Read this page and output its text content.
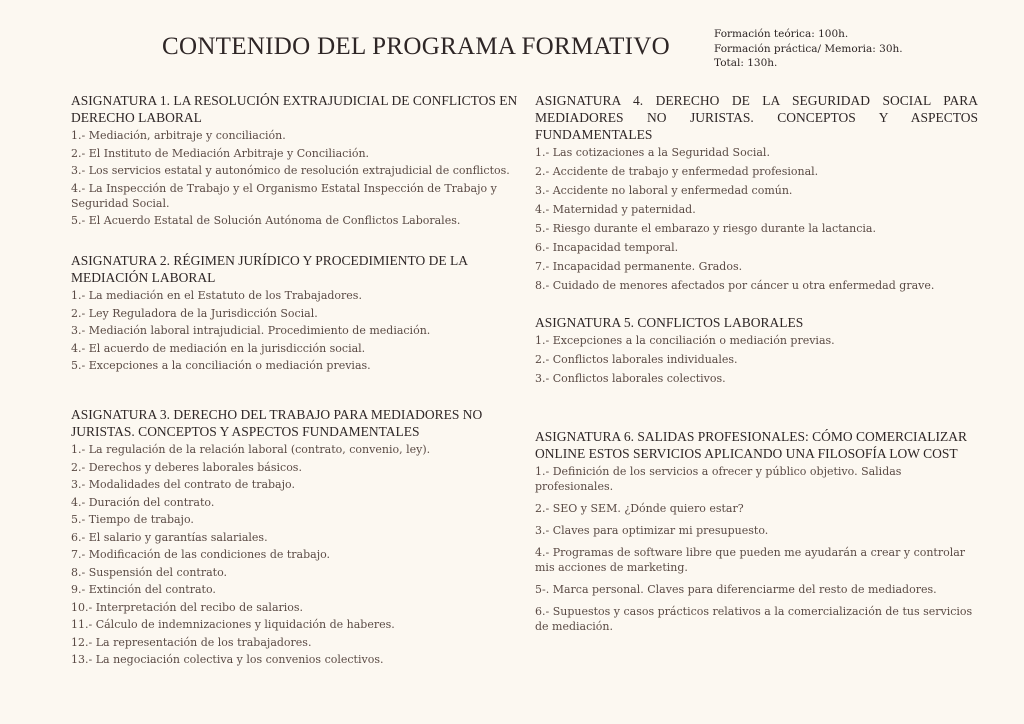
CONTENIDO DEL PROGRAMA FORMATIVO	Formación teórica: 100h.
Formación práctica/ Memoria: 30h.
Total: 130h.
ASIGNATURA 1. LA RESOLUCIÓN EXTRAJUDICIAL DE CONFLICTOS EN DERECHO LABORAL
1.- Mediación, arbitraje y conciliación.
2.- El Instituto de Mediación Arbitraje y Conciliación.
3.- Los servicios estatal y autonómico de resolución extrajudicial de conflictos.
4.- La Inspección de Trabajo y el Organismo Estatal Inspección de Trabajo y Seguridad Social.
5.- El Acuerdo Estatal de Solución Autónoma de Conflictos Laborales.
ASIGNATURA 2. RÉGIMEN JURÍDICO Y PROCEDIMIENTO DE LA MEDIACIÓN LABORAL
1.- La mediación en el Estatuto de los Trabajadores.
2.- Ley Reguladora de la Jurisdicción Social.
3.- Mediación laboral intrajudicial. Procedimiento de mediación.
4.- El acuerdo de mediación en la jurisdicción social.
5.- Excepciones a la conciliación o mediación previas.
ASIGNATURA 3. DERECHO DEL TRABAJO PARA MEDIADORES NO JURISTAS. CONCEPTOS Y ASPECTOS FUNDAMENTALES
1.- La regulación de la relación laboral (contrato, convenio, ley).
2.- Derechos y deberes laborales básicos.
3.- Modalidades del contrato de trabajo.
4.- Duración del contrato.
5.- Tiempo de trabajo.
6.- El salario y garantías salariales.
7.- Modificación de las condiciones de trabajo.
8.- Suspensión del contrato.
9.- Extinción del contrato.
10.- Interpretación del recibo de salarios.
11.- Cálculo de indemnizaciones y liquidación de haberes.
12.- La representación de los trabajadores.
13.- La negociación colectiva y los convenios colectivos.
ASIGNATURA 4. DERECHO DE LA SEGURIDAD SOCIAL PARA MEDIADORES NO JURISTAS. CONCEPTOS Y ASPECTOS FUNDAMENTALES
1.- Las cotizaciones a la Seguridad Social.
2.- Accidente de trabajo y enfermedad profesional.
3.- Accidente no laboral y enfermedad común.
4.- Maternidad y paternidad.
5.- Riesgo durante el embarazo y riesgo durante la lactancia.
6.- Incapacidad temporal.
7.- Incapacidad permanente. Grados.
8.- Cuidado de menores afectados por cáncer u otra enfermedad grave.
ASIGNATURA 5. CONFLICTOS LABORALES
1.- Excepciones a la conciliación o mediación previas.
2.- Conflictos laborales individuales.
3.- Conflictos laborales colectivos.
ASIGNATURA 6. SALIDAS PROFESIONALES: CÓMO COMERCIALIZAR ONLINE ESTOS SERVICIOS APLICANDO UNA FILOSOFÍA LOW COST
1.- Definición de los servicios a ofrecer y público objetivo. Salidas profesionales.
2.- SEO y SEM. ¿Dónde quiero estar?
3.- Claves para optimizar mi presupuesto.
4.- Programas de software libre que pueden me ayudarán a crear y controlar mis acciones de marketing.
5-. Marca personal. Claves para diferenciarme del resto de mediadores.
6.- Supuestos y casos prácticos relativos a la comercialización de tus servicios de mediación.
